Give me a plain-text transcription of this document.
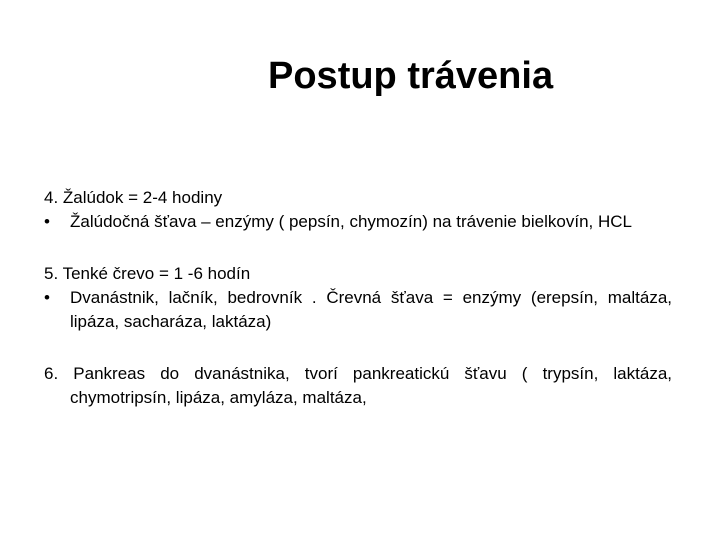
Postup trávenia

4. Žalúdok = 2-4 hodiny

• Žalúdočná šťava – enzýmy ( pepsín, chymozín) na trávenie bielkovín, HCL

5. Tenké črevo = 1 -6 hodín

• Dvanástnik, lačník, bedrovník . Črevná šťava = enzýmy (erepsín, maltáza, lipáza, sacharáza, laktáza)

6. Pankreas do dvanástnika, tvorí pankreatickú šťavu ( trypsín, laktáza, chymotripsín, lipáza, amyláza, maltáza,
